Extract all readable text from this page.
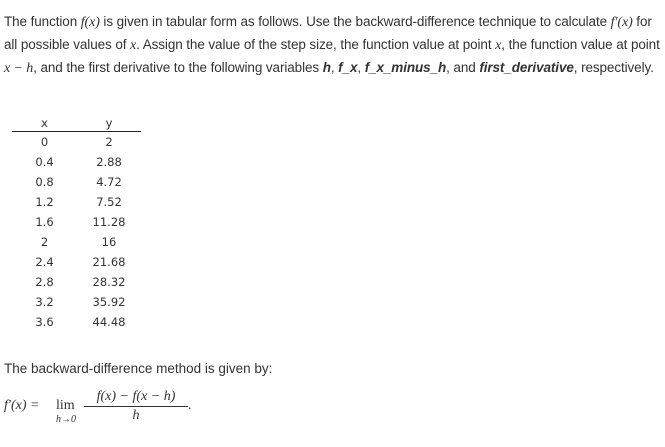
The function f(x) is given in tabular form as follows. Use the backward-difference technique to calculate f′(x) for all possible values of x. Assign the value of the step size, the function value at point x, the function value at point x − h, and the first derivative to the following variables h, f_x, f_x_minus_h, and first_derivative, respectively.
x	y
0	2
0.4	2.88
0.8	4.72
1.2	7.52
1.6	11.28
2	16
2.4	21.68
2.8	28.32
3.2	35.92
3.6	44.48
The backward-difference method is given by:
f′(x) = lim
h→0
f(x) − f(x − h)
h
.
